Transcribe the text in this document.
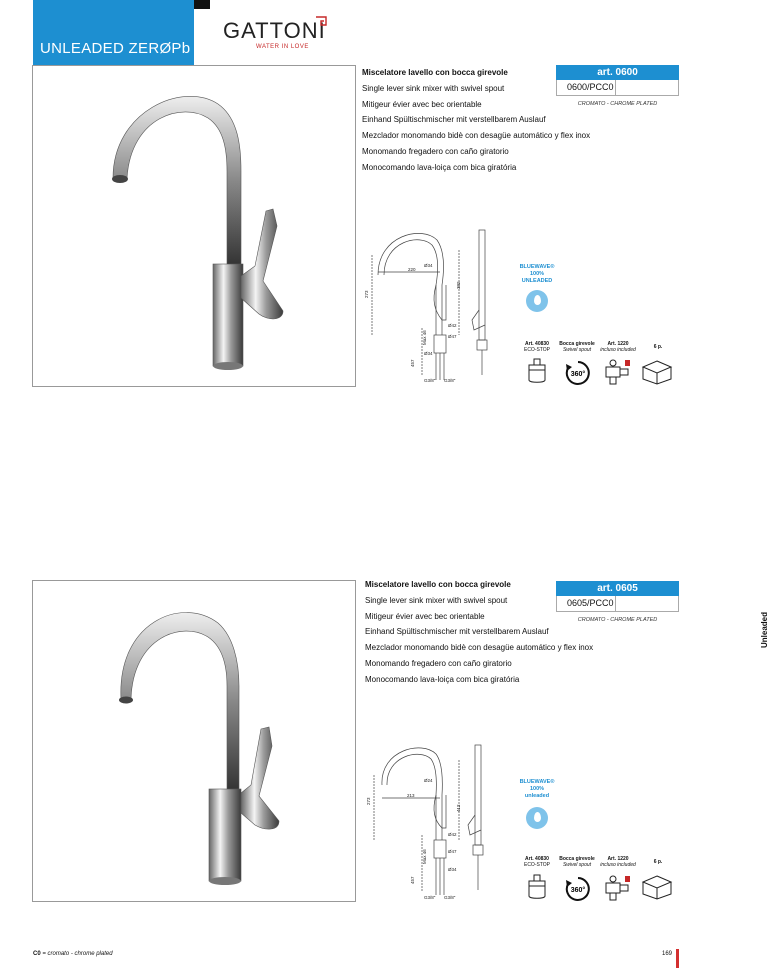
UNLEADED ZERØPb
GATTONI
WATER IN LOVE
Miscelatore lavello con bocca girevole
Single lever sink mixer with swivel spout
Mitigeur évier avec bec orientable
Einhand Spültischmischer mit verstellbarem Auslauf
Mezclador monomando bidè con desagüe automático y flex inox
Monomando fregadero con caño giratorio
Monocomando lava-loiça com bica giratória
art. 0600
0600/PCC0
CROMATO - CHROME PLATED
Ø34
220
273
382
Ø42
Ø34
Ø47
Max 46
457
G3/8" G3/8"
BLUEWAVE®
100%
UNLEADED
Art. 40830
ECO-STOP
Bocca girevole
Swivel spout
Art. 1220
incluso included	6 p.
360°
Miscelatore lavello con bocca girevole
Single lever sink mixer with swivel spout
Mitigeur évier avec bec orientable
Einhand Spültischmischer mit verstellbarem Auslauf
Mezclador monomando bidè con desagüe automático y flex inox
Monomando fregadero con caño giratorio
Monocomando lava-loiça com bica giratória
art. 0605
0605/PCC0
CROMATO - CHROME PLATED
Ø24
213
273
412
Ø42
Ø34
Ø47
Max 46
457
G3/8" G3/8"
BLUEWAVE®
100%
unleaded
Art. 40830
ECO-STOP
Bocca girevole
Swivel spout
Art. 1220
incluso included	6 p.
360°
Unleaded
C0 = cromato - chrome plated	169
